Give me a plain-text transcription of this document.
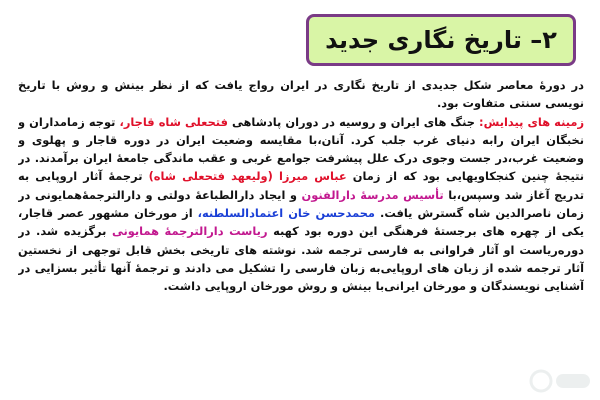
۲– تاریخ نگاری جدید

در دورۀ معاصر شکل جدیدی از تاریخ نگاری در ایران رواج یافت که از نظر بینش و روش با تاریخ نویسی سنتی متفاوت بود.

زمینه های پیدایش: جنگ های ایران و روسیه در دوران پادشاهی فتحعلی شاه قاجار، توجه زمامداران و نخبگان ایران رابه دنیای غرب جلب کرد. آنان،با مقایسه وضعیت ایران در دوره قاجار و پهلوی و وضعیت غرب،در جست وجوی درک علل پیشرفت جوامع غربی و عقب ماندگی جامعۀ ایران برآمدند. در نتیجۀ چنین کنجکاویهایی بود که از زمان عباس میرزا (ولیعهد فتحعلی شاه) ترجمۀ آثار اروپایی به تدریج آغاز شد وسپس،با تأسیس مدرسۀ دارالفنون و ایجاد دارالطباعۀ دولتی و دارالترجمۀهمایونی در زمان ناصرالدین شاه گسترش یافت. محمدحسن خان اعتمادالسلطنه، از مورخان مشهور عصر قاجار، یکی از چهره های برجستۀ فرهنگی این دوره بود کهبه ریاست دارالترجمۀ همایونی برگزیده شد. در دوره‌ریاست او آثار فراوانی به فارسی ترجمه شد. نوشته های تاریخی بخش قابل توجهی از نخستین آثار ترجمه شده از زبان های اروپایی‌به زبان فارسی را تشکیل می دادند و ترجمۀ آنها تأثیر بسزایی در آشنایی نویسندگان و مورخان ایرانی‌با بینش و روش مورخان اروپایی داشت.
